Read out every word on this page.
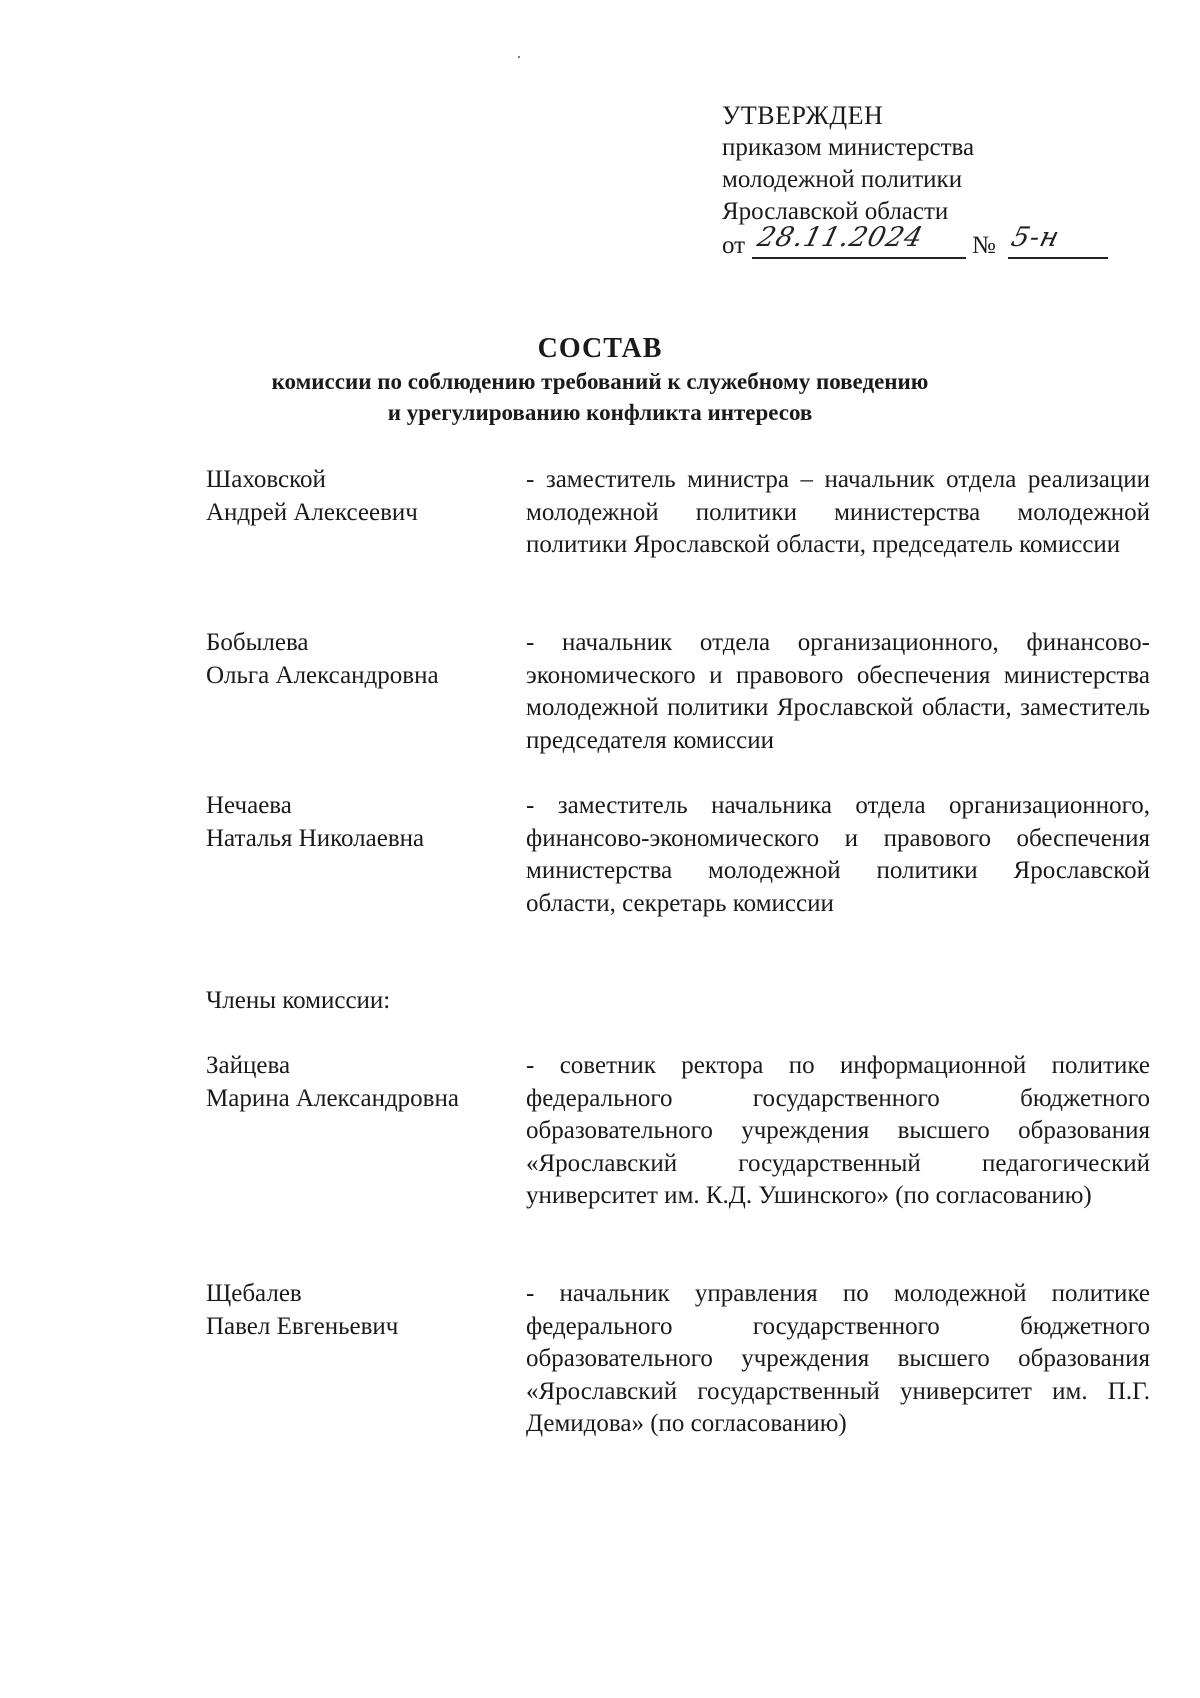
УТВЕРЖДЕН
приказом министерства
молодежной политики
Ярославской области
от 28.11.2024 № 5-н
СОСТАВ
комиссии по соблюдению требований к служебному поведению
и урегулированию конфликта интересов
Шаховской
Андрей Алексеевич
- заместитель министра – начальник отдела реализации молодежной политики министерства молодежной политики Ярославской области, председатель комиссии
Бобылева
Ольга Александровна
- начальник отдела организационного, финансово-экономического и правового обеспечения министерства молодежной политики Ярославской области, заместитель председателя комиссии
Нечаева
Наталья Николаевна
- заместитель начальника отдела организационного, финансово-экономического и правового обеспечения министерства молодежной политики Ярославской области, секретарь комиссии
Члены комиссии:
Зайцева
Марина Александровна
- советник ректора по информационной политике федерального государственного бюджетного образовательного учреждения высшего образования «Ярославский государственный педагогический университет им. К.Д. Ушинского» (по согласованию)
Щебалев
Павел Евгеньевич
- начальник управления по молодежной политике федерального государственного бюджетного образовательного учреждения высшего образования «Ярославский государственный университет им. П.Г. Демидова» (по согласованию)
